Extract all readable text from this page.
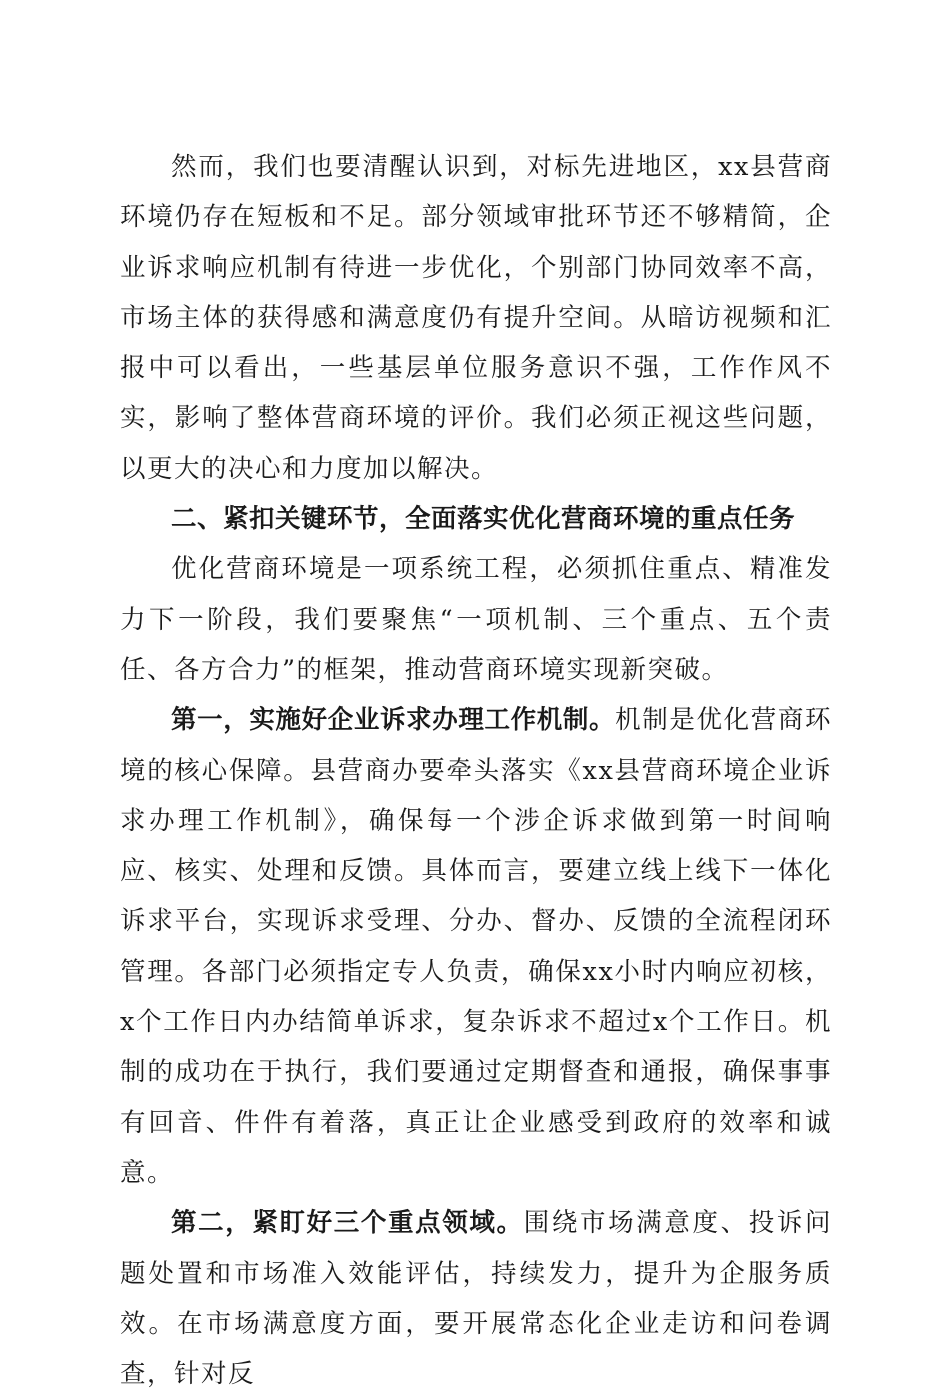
然而，我们也要清醒认识到，对标先进地区，xx县营商环境仍存在短板和不足。部分领域审批环节还不够精简，企业诉求响应机制有待进一步优化，个别部门协同效率不高，市场主体的获得感和满意度仍有提升空间。从暗访视频和汇报中可以看出，一些基层单位服务意识不强，工作作风不实，影响了整体营商环境的评价。我们必须正视这些问题，以更大的决心和力度加以解决。

二、紧扣关键环节，全面落实优化营商环境的重点任务

优化营商环境是一项系统工程，必须抓住重点、精准发力下一阶段，我们要聚焦“一项机制、三个重点、五个责任、各方合力”的框架，推动营商环境实现新突破。

第一，实施好企业诉求办理工作机制。机制是优化营商环境的核心保障。县营商办要牵头落实《xx县营商环境企业诉求办理工作机制》，确保每一个涉企诉求做到第一时间响应、核实、处理和反馈。具体而言，要建立线上线下一体化诉求平台，实现诉求受理、分办、督办、反馈的全流程闭环管理。各部门必须指定专人负责，确保xx小时内响应初核，x个工作日内办结简单诉求，复杂诉求不超过x个工作日。机制的成功在于执行，我们要通过定期督查和通报，确保事事有回音、件件有着落，真正让企业感受到政府的效率和诚意。

第二，紧盯好三个重点领域。围绕市场满意度、投诉问题处置和市场准入效能评估，持续发力，提升为企服务质效。在市场满意度方面，要开展常态化企业走访和问卷调查，针对反
